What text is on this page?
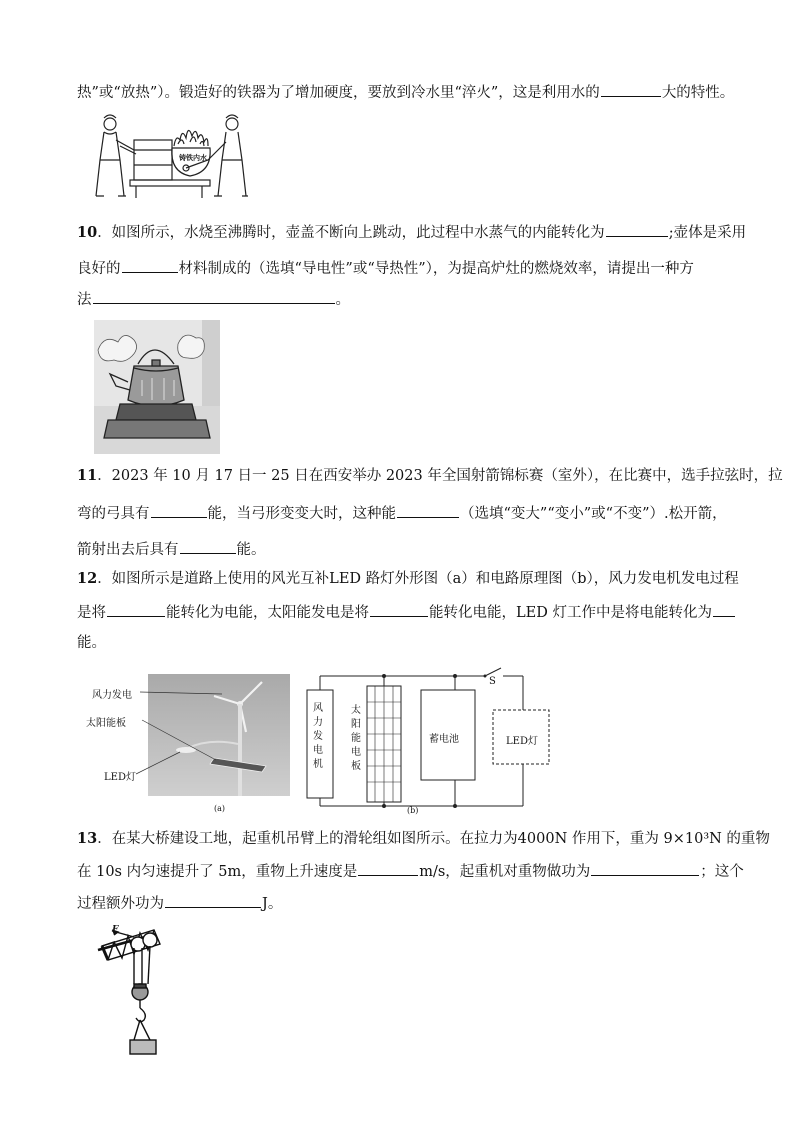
热”或“放热”）。锻造好的铁器为了增加硬度，要放到冷水里“淬火”，这是利用水的	大的特性。
铸铁内水
10．如图所示，水烧至沸腾时，壶盖不断向上跳动，此过程中水蒸气的内能转化为	;壶体是采用
良好的	材料制成的（选填“导电性”或“导热性”），为提高炉灶的燃烧效率，请提出一种方
法	。
11．2023 年 10 月 17 日一 25 日在西安举办 2023 年全国射箭锦标赛（室外），在比赛中，选手拉弦时，拉
弯的弓具有	能，当弓形变变大时，这种能	（选填“变大”“变小”或“不变”）.松开箭，
箭射出去后具有	能。
12．如图所示是道路上使用的风光互补LED 路灯外形图（a）和电路原理图（b），风力发电机发电过程
是将	能转化为电能，太阳能发电是将	能转化电能，LED 灯工作中是将电能转化为
能。
风力发电
太阳能板
LED灯
(a)
风力发电机
太阳能电板
蓄电池	LED灯
S
(b)
13．在某大桥建设工地，起重机吊臂上的滑轮组如图所示。在拉力为4000N 作用下，重为 9×10³N 的重物
在 10s 内匀速提升了 5m，重物上升速度是	m/s，起重机对重物做功为	；这个
过程额外功为	J。
F
